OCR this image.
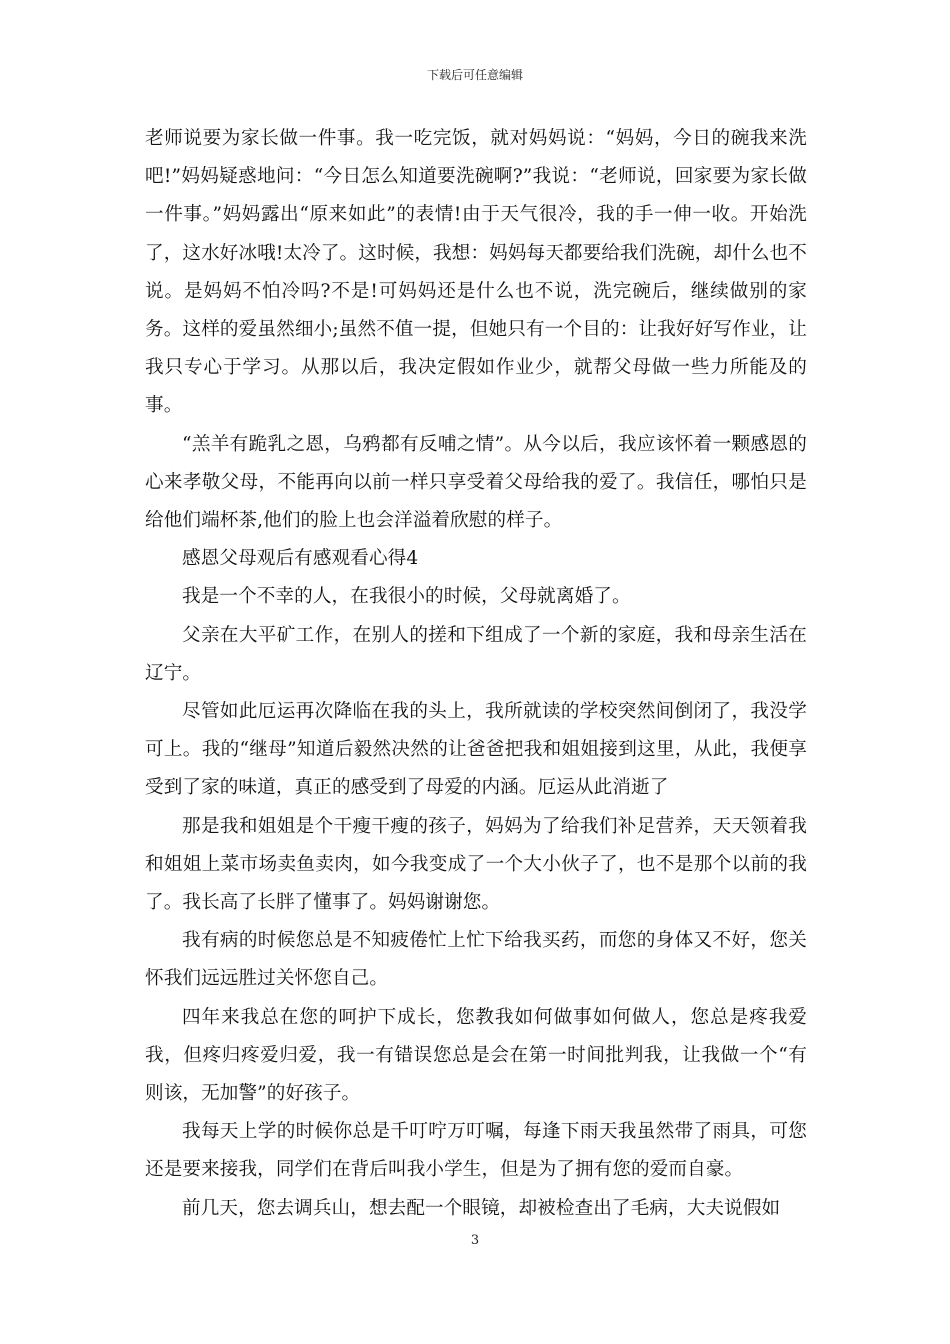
下载后可任意编辑

老师说要为家长做一件事。我一吃完饭，就对妈妈说：“妈妈，今日的碗我来洗吧!”妈妈疑惑地问：“今日怎么知道要洗碗啊?”我说：“老师说，回家要为家长做一件事。”妈妈露出“原来如此”的表情!由于天气很冷，我的手一伸一收。开始洗了，这水好冰哦!太冷了。这时候，我想：妈妈每天都要给我们洗碗，却什么也不说。是妈妈不怕冷吗?不是!可妈妈还是什么也不说，洗完碗后，继续做别的家务。这样的爱虽然细小;虽然不值一提，但她只有一个目的：让我好好写作业，让我只专心于学习。从那以后，我决定假如作业少，就帮父母做一些力所能及的事。

“羔羊有跪乳之恩，乌鸦都有反哺之情”。从今以后，我应该怀着一颗感恩的心来孝敬父母，不能再向以前一样只享受着父母给我的爱了。我信任，哪怕只是给他们端杯茶,他们的脸上也会洋溢着欣慰的样子。

感恩父母观后有感观看心得4

我是一个不幸的人，在我很小的时候，父母就离婚了。

父亲在大平矿工作，在别人的搓和下组成了一个新的家庭，我和母亲生活在辽宁。

尽管如此厄运再次降临在我的头上，我所就读的学校突然间倒闭了，我没学可上。我的“继母”知道后毅然决然的让爸爸把我和姐姐接到这里，从此，我便享受到了家的味道，真正的感受到了母爱的内涵。厄运从此消逝了

那是我和姐姐是个干瘦干瘦的孩子，妈妈为了给我们补足营养，天天领着我和姐姐上菜市场卖鱼卖肉，如今我变成了一个大小伙子了，也不是那个以前的我了。我长高了长胖了懂事了。妈妈谢谢您。

我有病的时候您总是不知疲倦忙上忙下给我买药，而您的身体又不好，您关怀我们远远胜过关怀您自己。

四年来我总在您的呵护下成长，您教我如何做事如何做人，您总是疼我爱我，但疼归疼爱归爱，我一有错误您总是会在第一时间批判我，让我做一个“有则该，无加警”的好孩子。

我每天上学的时候你总是千叮咛万叮嘱，每逢下雨天我虽然带了雨具，可您还是要来接我，同学们在背后叫我小学生，但是为了拥有您的爱而自豪。

前几天，您去调兵山，想去配一个眼镜，却被检查出了毛病，大夫说假如

3
